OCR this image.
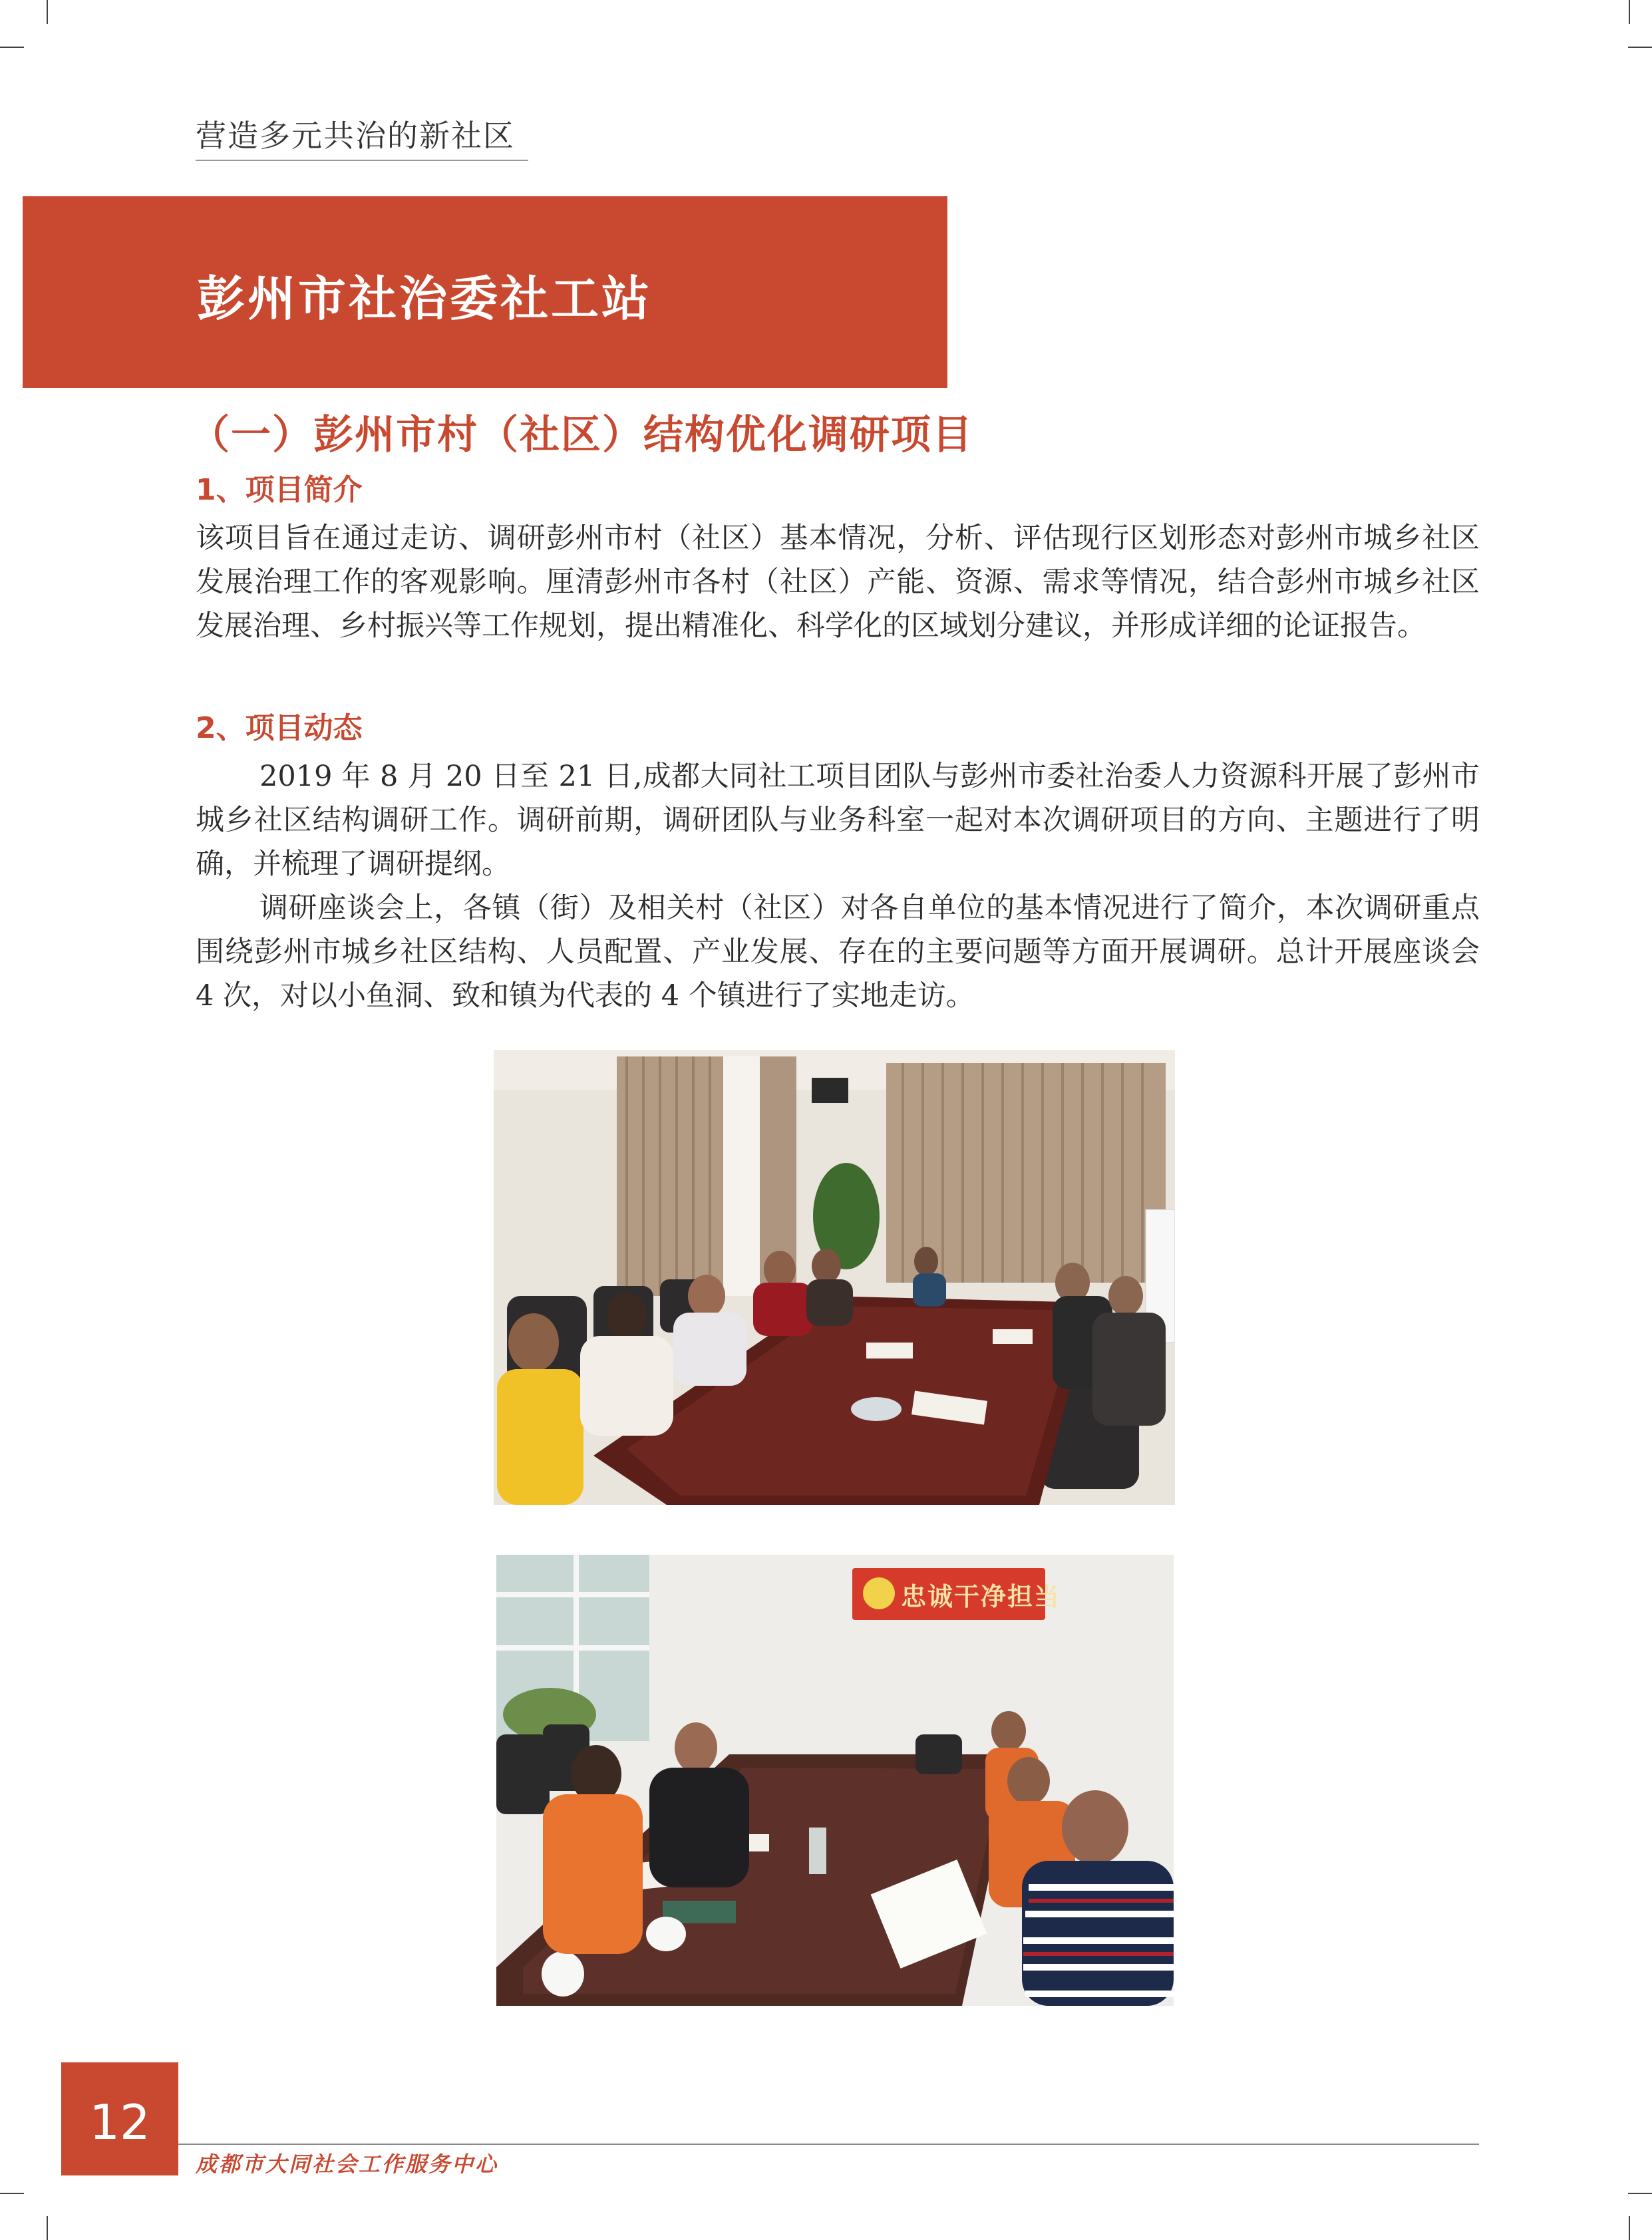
营造多元共治的新社区
彭州市社治委社工站
（一）彭州市村（社区）结构优化调研项目
1、项目简介

该项目旨在通过走访、调研彭州市村（社区）基本情况，分析、评估现行区划形态对彭州市城乡社区发展治理工作的客观影响。厘清彭州市各村（社区）产能、资源、需求等情况，结合彭州市城乡社区发展治理、乡村振兴等工作规划，提出精准化、科学化的区域划分建议，并形成详细的论证报告。

2、项目动态

2019 年 8 月 20 日至 21 日,成都大同社工项目团队与彭州市委社治委人力资源科开展了彭州市城乡社区结构调研工作。调研前期，调研团队与业务科室一起对本次调研项目的方向、主题进行了明确，并梳理了调研提纲。

调研座谈会上，各镇（街）及相关村（社区）对各自单位的基本情况进行了简介，本次调研重点围绕彭州市城乡社区结构、人员配置、产业发展、存在的主要问题等方面开展调研。总计开展座谈会 4 次，对以小鱼洞、致和镇为代表的 4 个镇进行了实地走访。

忠诚干净担当
12
成都市大同社会工作服务中心
